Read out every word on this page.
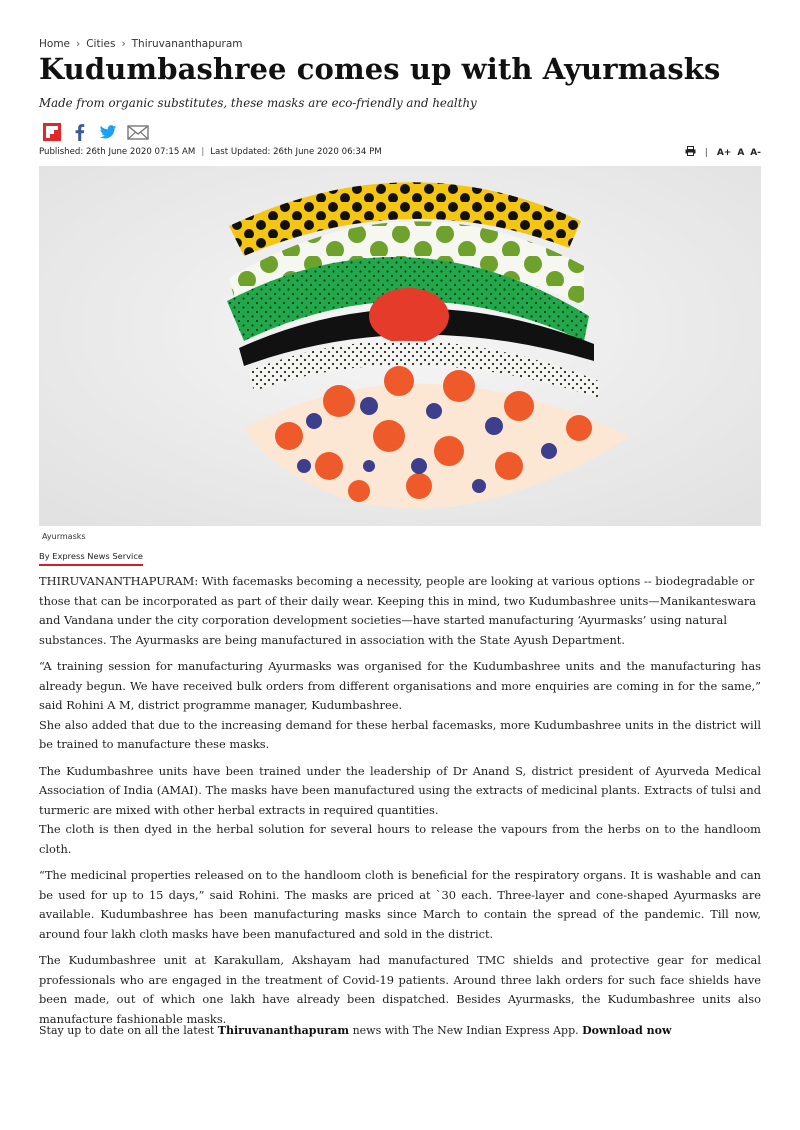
Home › Cities › Thiruvananthapuram
Kudumbashree comes up with Ayurmasks
Made from organic substitutes, these masks are eco-friendly and healthy
Published: 26th June 2020 07:15 AM | Last Updated: 26th June 2020 06:34 PM	| A+ A A-
Ayurmasks
By Express News Service

THIRUVANANTHAPURAM: With facemasks becoming a necessity, people are looking at various options -- biodegradable or those that can be incorporated as part of their daily wear. Keeping this in mind, two Kudumbashree units—Manikanteswara and Vandana under the city corporation development societies—have started manufacturing ‘Ayurmasks’ using natural substances. The Ayurmasks are being manufactured in association with the State Ayush Department.

“A training session for manufacturing Ayurmasks was organised for the Kudumbashree units and the manufacturing has already begun. We have received bulk orders from different organisations and more enquiries are coming in for the same,” said Rohini A M, district programme manager, Kudumbashree.

She also added that due to the increasing demand for these herbal facemasks, more Kudumbashree units in the district will be trained to manufacture these masks.

The Kudumbashree units have been trained under the leadership of Dr Anand S, district president of Ayurveda Medical Association of India (AMAI). The masks have been manufactured using the extracts of medicinal plants. Extracts of tulsi and turmeric are mixed with other herbal extracts in required quantities.

The cloth is then dyed in the herbal solution for several hours to release the vapours from the herbs on to the handloom cloth.

“The medicinal properties released on to the handloom cloth is beneficial for the respiratory organs. It is washable and can be used for up to 15 days,” said Rohini. The masks are priced at `30 each. Three-layer and cone-shaped Ayurmasks are available. Kudumbashree has been manufacturing masks since March to contain the spread of the pandemic. Till now, around four lakh cloth masks have been manufactured and sold in the district.

The Kudumbashree unit at Karakullam, Akshayam had manufactured TMC shields and protective gear for medical professionals who are engaged in the treatment of Covid-19 patients. Around three lakh orders for such face shields have been made, out of which one lakh have already been dispatched. Besides Ayurmasks, the Kudumbashree units also manufacture fashionable masks.

Stay up to date on all the latest Thiruvananthapuram news with The New Indian Express App. Download now
